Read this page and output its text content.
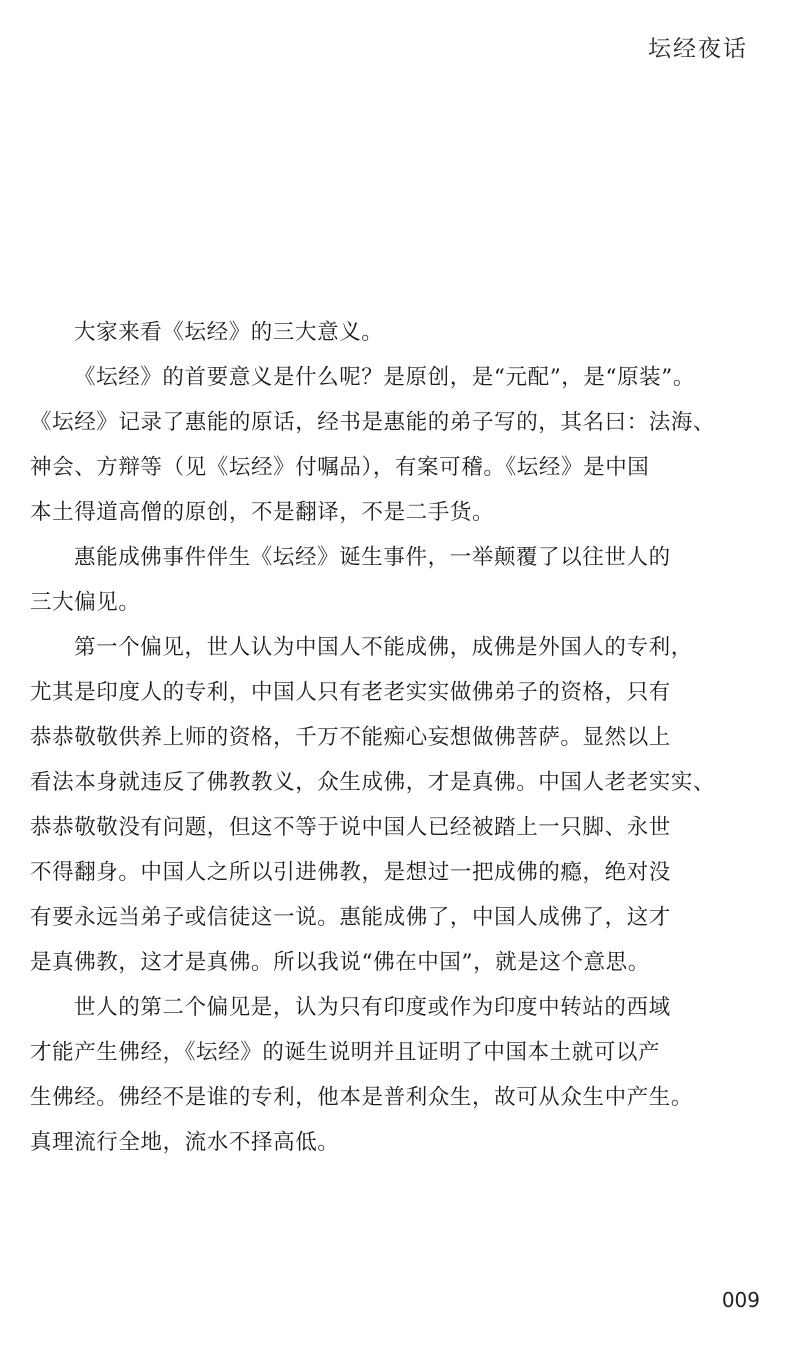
坛经夜话

大家来看《坛经》的三大意义。

《坛经》的首要意义是什么呢？是原创，是“元配”，是“原装”。
《坛经》记录了惠能的原话，经书是惠能的弟子写的，其名曰：法海、
神会、方辩等（见《坛经》付嘱品），有案可稽。《坛经》是中国
本土得道高僧的原创，不是翻译，不是二手货。

惠能成佛事件伴生《坛经》诞生事件，一举颠覆了以往世人的
三大偏见。

第一个偏见，世人认为中国人不能成佛，成佛是外国人的专利，
尤其是印度人的专利，中国人只有老老实实做佛弟子的资格，只有
恭恭敬敬供养上师的资格，千万不能痴心妄想做佛菩萨。显然以上
看法本身就违反了佛教教义，众生成佛，才是真佛。中国人老老实实、
恭恭敬敬没有问题，但这不等于说中国人已经被踏上一只脚、永世
不得翻身。中国人之所以引进佛教，是想过一把成佛的瘾，绝对没
有要永远当弟子或信徒这一说。惠能成佛了，中国人成佛了，这才
是真佛教，这才是真佛。所以我说“佛在中国”，就是这个意思。

世人的第二个偏见是，认为只有印度或作为印度中转站的西域
才能产生佛经，《坛经》的诞生说明并且证明了中国本土就可以产
生佛经。佛经不是谁的专利，他本是普利众生，故可从众生中产生。
真理流行全地，流水不择高低。

009
